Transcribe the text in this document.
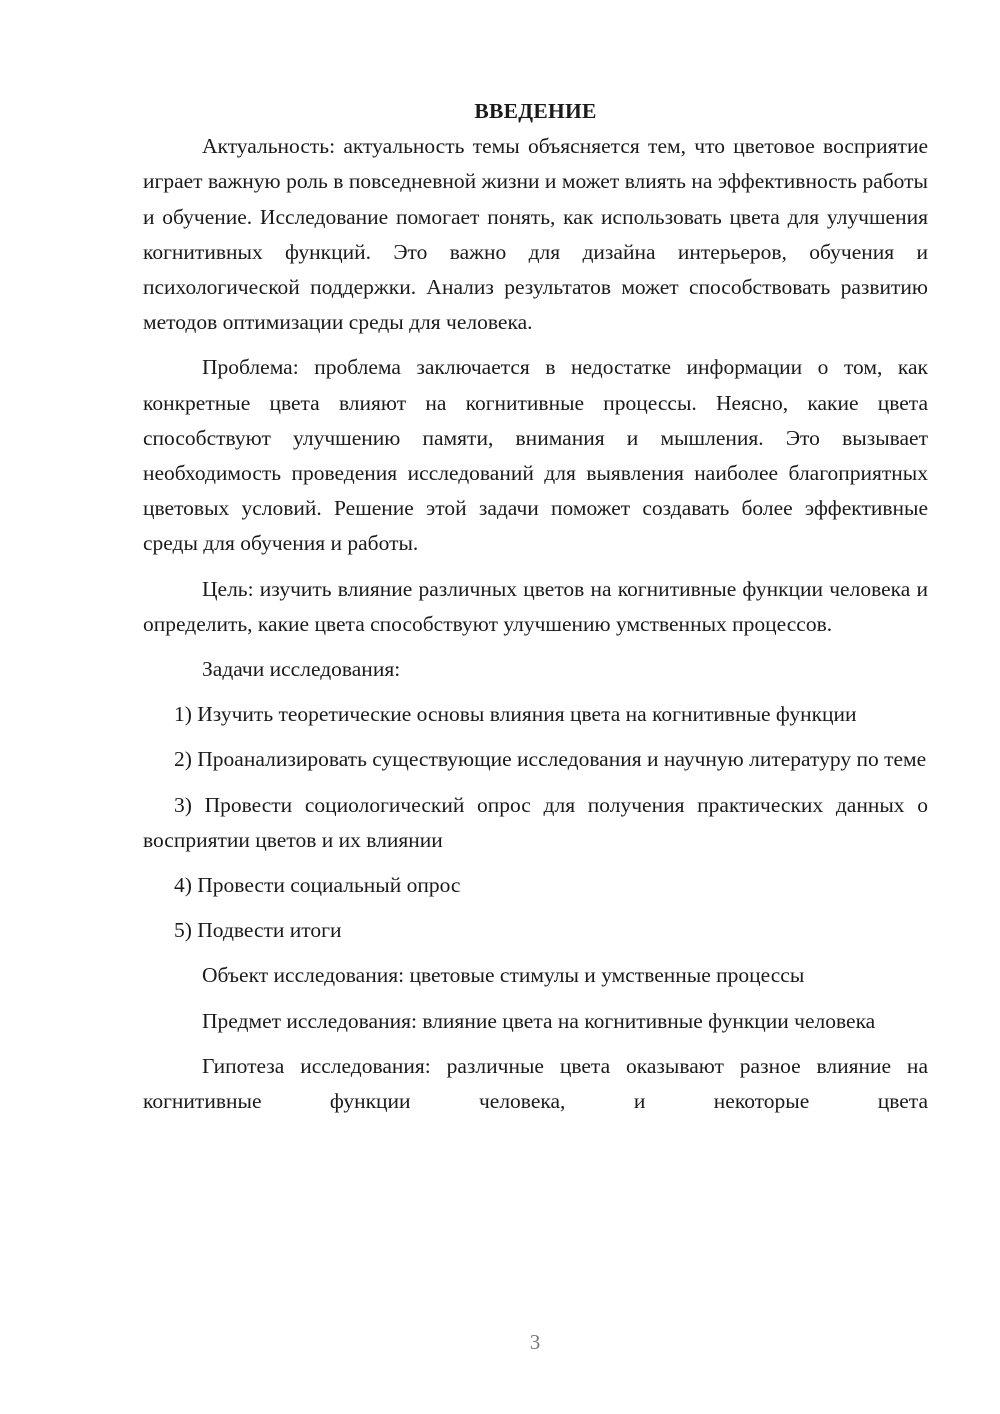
ВВЕДЕНИЕ

Актуальность: актуальность темы объясняется тем, что цветовое восприятие играет важную роль в повседневной жизни и может влиять на эффективность работы и обучение. Исследование помогает понять, как использовать цвета для улучшения когнитивных функций. Это важно для дизайна интерьеров, обучения и психологической поддержки. Анализ результатов может способствовать развитию методов оптимизации среды для человека.

Проблема: проблема заключается в недостатке информации о том, как конкретные цвета влияют на когнитивные процессы. Неясно, какие цвета способствуют улучшению памяти, внимания и мышления. Это вызывает необходимость проведения исследований для выявления наиболее благоприятных цветовых условий. Решение этой задачи поможет создавать более эффективные среды для обучения и работы.

Цель: изучить влияние различных цветов на когнитивные функции человека и определить, какие цвета способствуют улучшению умственных процессов.

Задачи исследования:

1) Изучить теоретические основы влияния цвета на когнитивные функции

2) Проанализировать существующие исследования и научную литературу по теме

3) Провести социологический опрос для получения практических данных о восприятии цветов и их влиянии

4) Провести социальный опрос

5) Подвести итоги

Объект исследования: цветовые стимулы и умственные процессы

Предмет исследования: влияние цвета на когнитивные функции человека

Гипотеза исследования: различные цвета оказывают разное влияние на когнитивные функции человека, и некоторые цвета

3
